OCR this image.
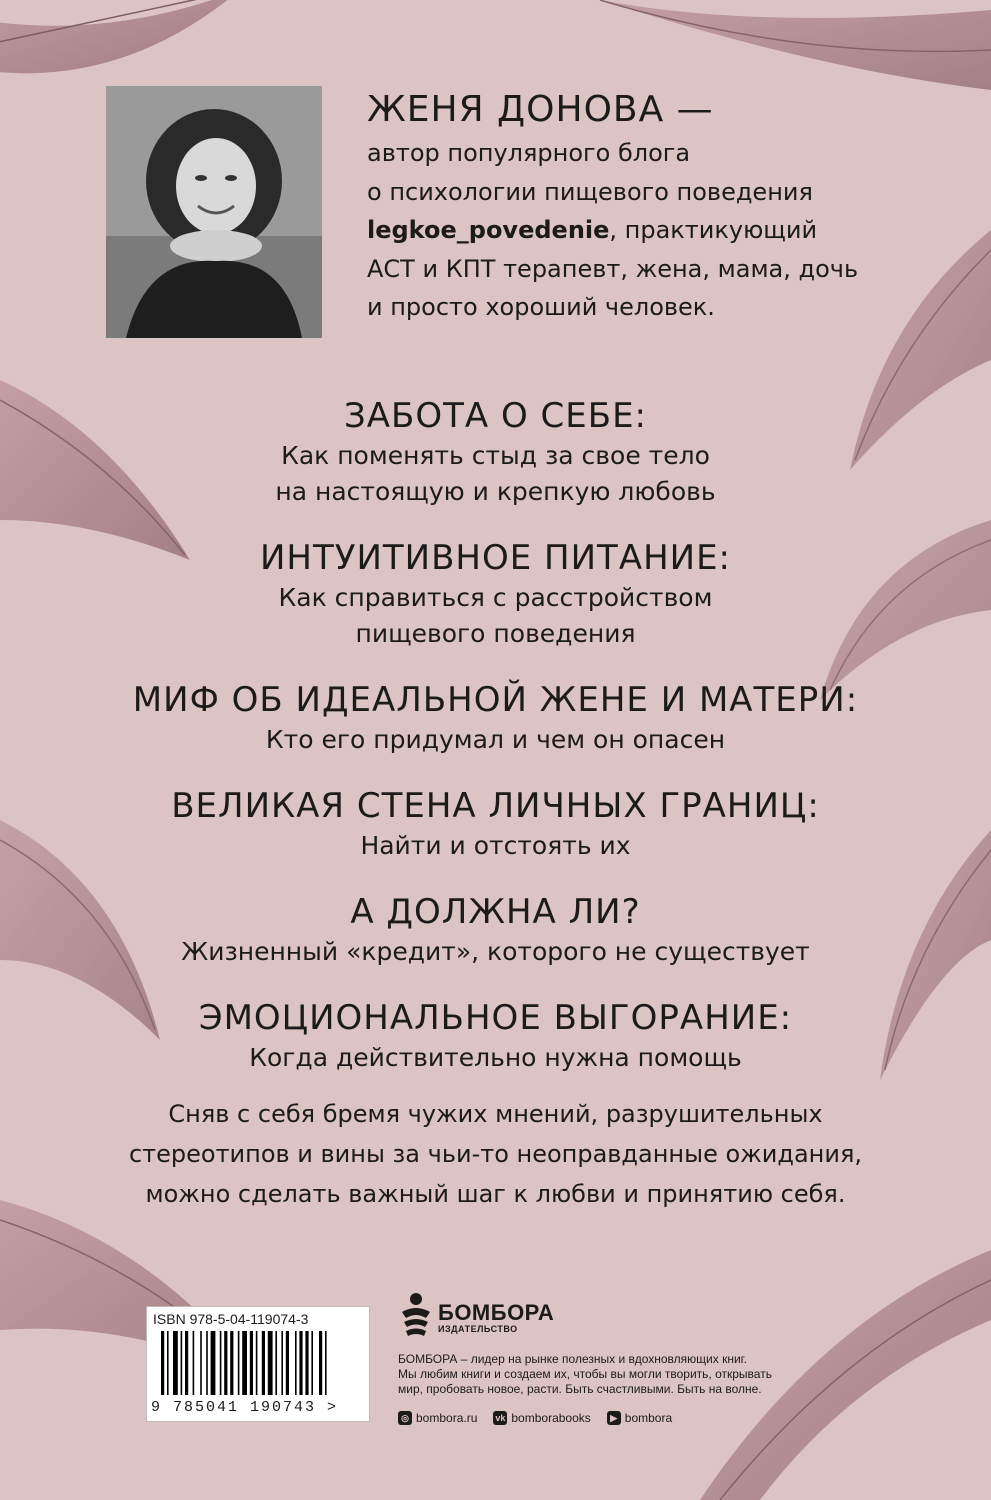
ЖЕНЯ ДОНОВА —
автор популярного блога
о психологии пищевого поведения
legkoe_povedenie, практикующий
АСТ и КПТ терапевт, жена, мама, дочь
и просто хороший человек.
ЗАБОТА О СЕБЕ:
Как поменять стыд за свое тело
на настоящую и крепкую любовь
ИНТУИТИВНОЕ ПИТАНИЕ:
Как справиться с расстройством
пищевого поведения
МИФ ОБ ИДЕАЛЬНОЙ ЖЕНЕ И МАТЕРИ:
Кто его придумал и чем он опасен
ВЕЛИКАЯ СТЕНА ЛИЧНЫХ ГРАНИЦ:
Найти и отстоять их
А ДОЛЖНА ЛИ?
Жизненный «кредит», которого не существует
ЭМОЦИОНАЛЬНОЕ ВЫГОРАНИЕ:
Когда действительно нужна помощь
Сняв с себя бремя чужих мнений, разрушительных
стереотипов и вины за чьи-то неоправданные ожидания,
можно сделать важный шаг к любви и принятию себя.
ISBN 978-5-04-119074-3
9 785041 190743 >
БОМБОРА
ИЗДАТЕЛЬСТВО
БОМБОРА – лидер на рынке полезных и вдохновляющих книг.
Мы любим книги и создаем их, чтобы вы могли творить, открывать
мир, пробовать новое, расти. Быть счастливыми. Быть на волне.
◎ bombora.ru vk bomborabooks	▶ bombora
